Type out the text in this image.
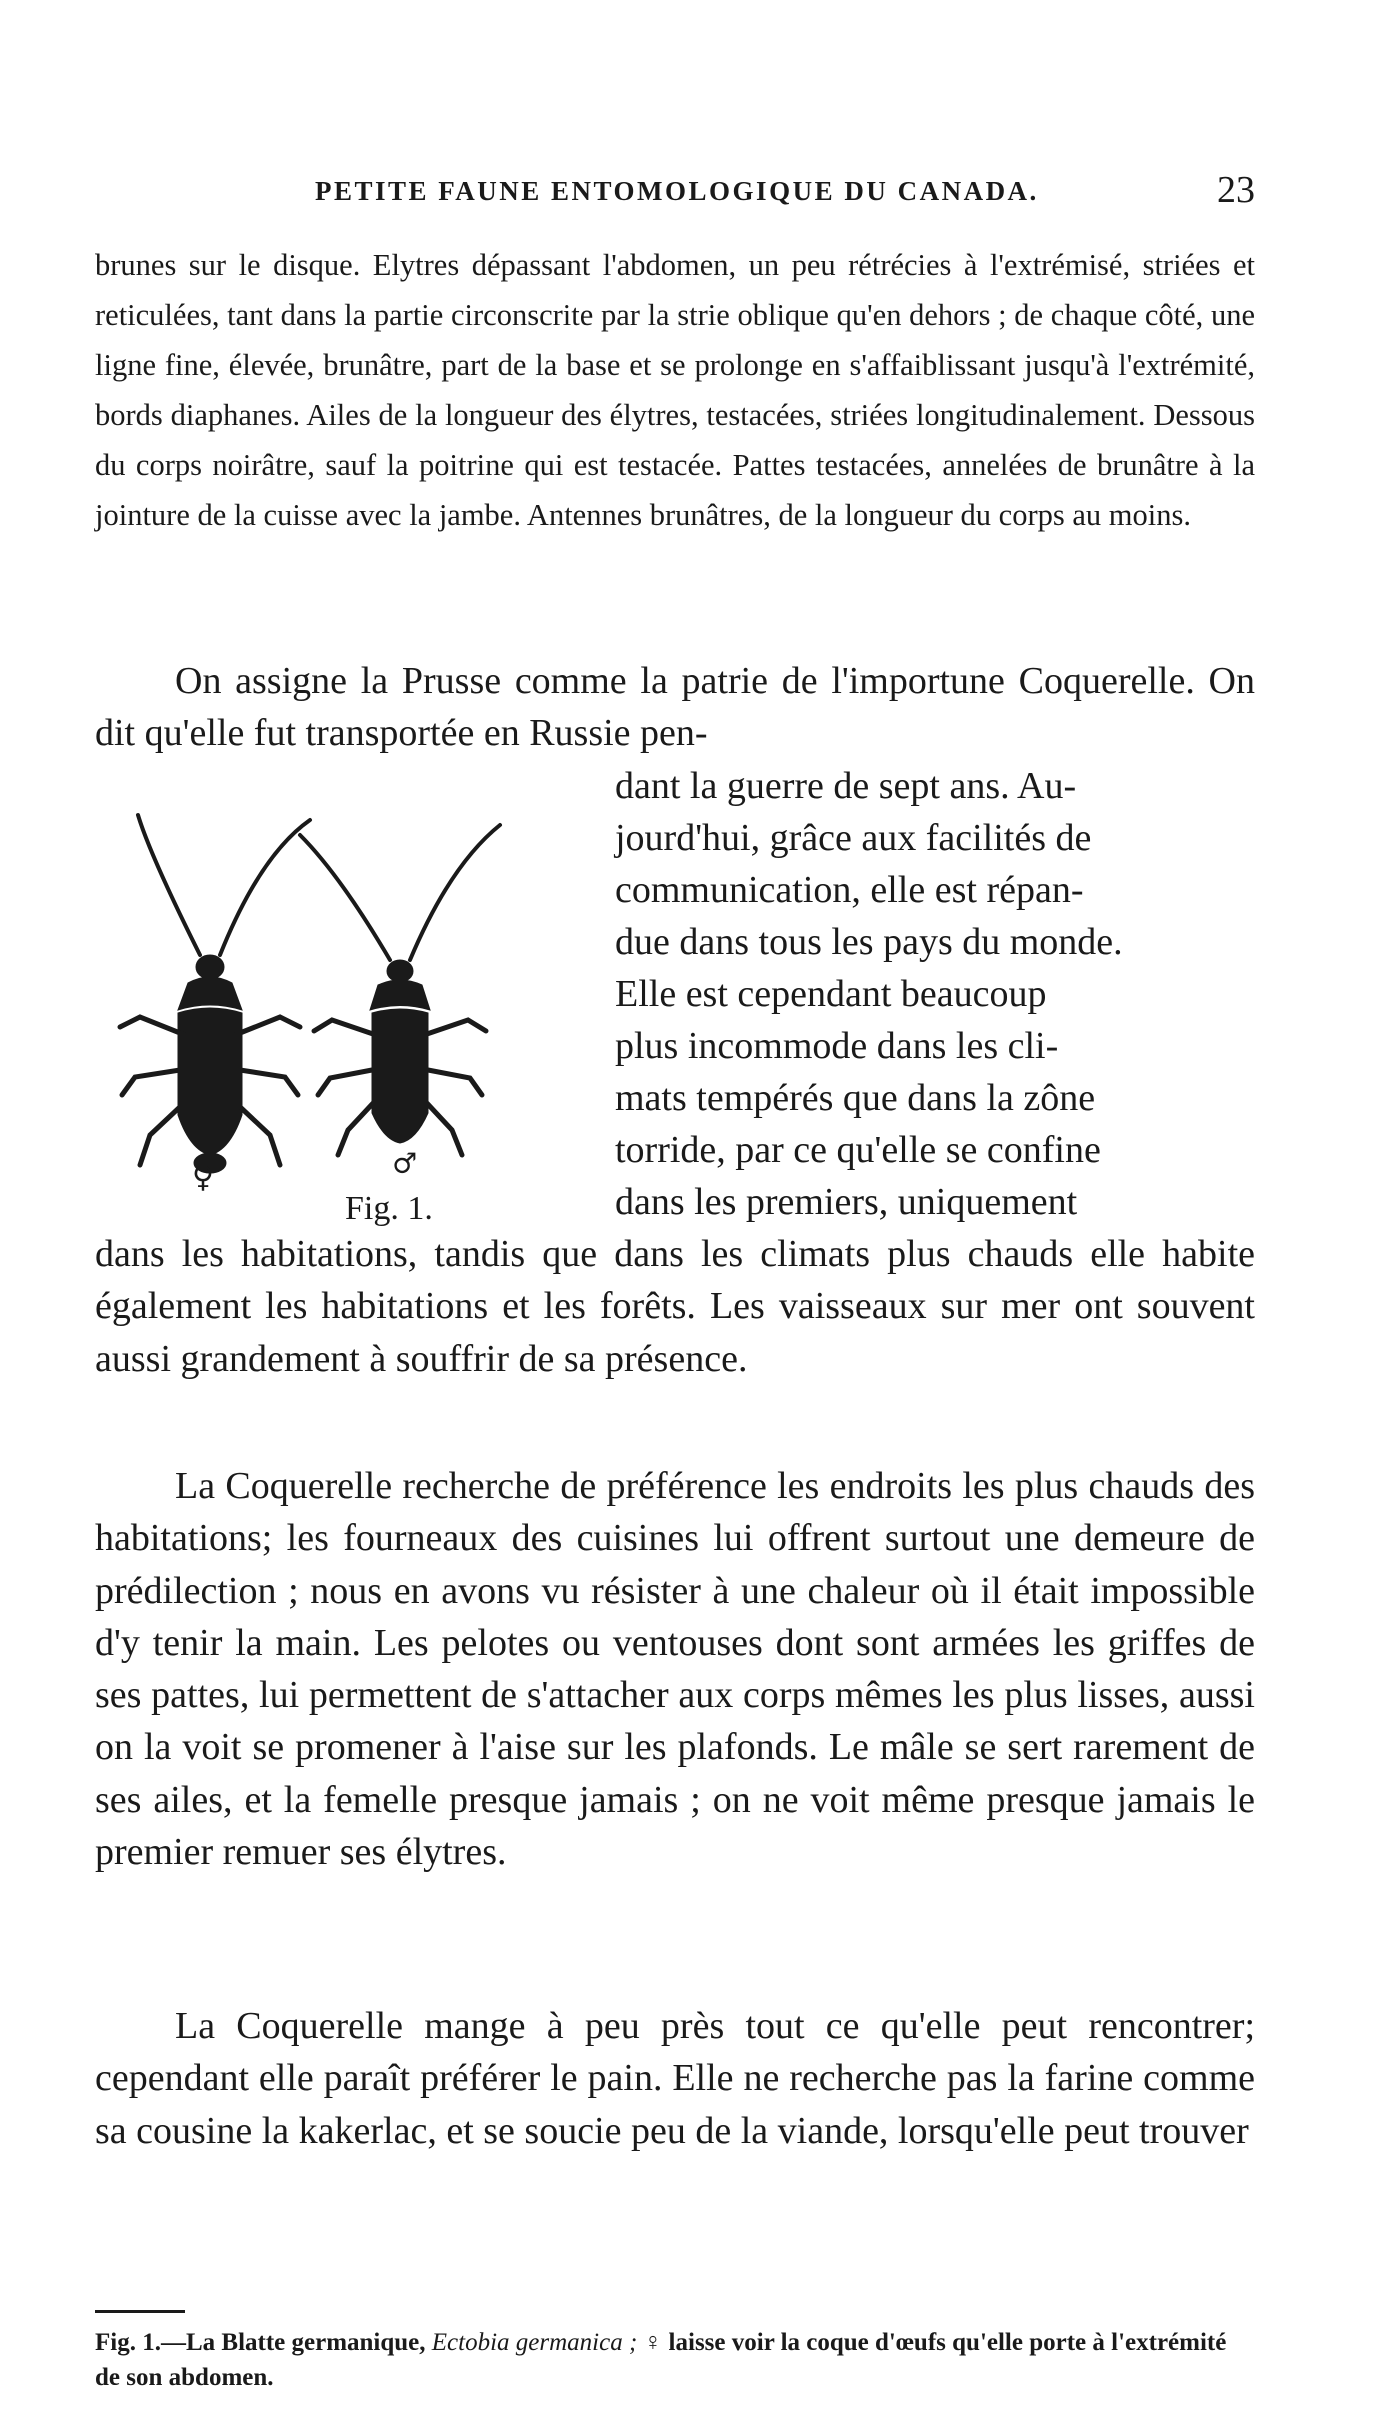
PETITE FAUNE ENTOMOLOGIQUE DU CANADA.	23
brunes sur le disque. Elytres dépassant l'abdomen, un peu rétrécies à l'extrémisé, striées et reticulées, tant dans la partie circonscrite par la strie oblique qu'en dehors ; de chaque côté, une ligne fine, élevée, brunâtre, part de la base et se prolonge en s'affaiblissant jusqu'à l'extrémité, bords diaphanes. Ailes de la longueur des élytres, testacées, striées longitudinalement. Dessous du corps noirâtre, sauf la poitrine qui est testacée. Pattes testacées, annelées de brunâtre à la jointure de la cuisse avec la jambe. Antennes brunâtres, de la longueur du corps au moins.

On assigne la Prusse comme la patrie de l'importune Coquerelle. On dit qu'elle fut transportée en Russie pen-

dant la guerre de sept ans. Au-

jourd'hui, grâce aux facilités de

communication, elle est répan-

due dans tous les pays du monde.

Elle est cependant beaucoup

plus incommode dans les cli-

mats tempérés que dans la zône

torride, par ce qu'elle se confine

dans les premiers, uniquement

♀	♂
Fig. 1.

dans les habitations, tandis que dans les climats plus chauds elle habite également les habitations et les forêts. Les vaisseaux sur mer ont souvent aussi grandement à souffrir de sa présence.

La Coquerelle recherche de préférence les endroits les plus chauds des habitations; les fourneaux des cuisines lui offrent surtout une demeure de prédilection ; nous en avons vu résister à une chaleur où il était impossible d'y tenir la main. Les pelotes ou ventouses dont sont armées les griffes de ses pattes, lui permettent de s'attacher aux corps mêmes les plus lisses, aussi on la voit se promener à l'aise sur les plafonds. Le mâle se sert rarement de ses ailes, et la femelle presque jamais ; on ne voit même presque jamais le premier remuer ses élytres.

La Coquerelle mange à peu près tout ce qu'elle peut rencontrer; cependant elle paraît préférer le pain. Elle ne recherche pas la farine comme sa cousine la kakerlac, et se soucie peu de la viande, lorsqu'elle peut trouver

Fig. 1.—La Blatte germanique, Ectobia germanica ; ♀ laisse voir la coque d'œufs qu'elle porte à l'extrémité de son abdomen.
